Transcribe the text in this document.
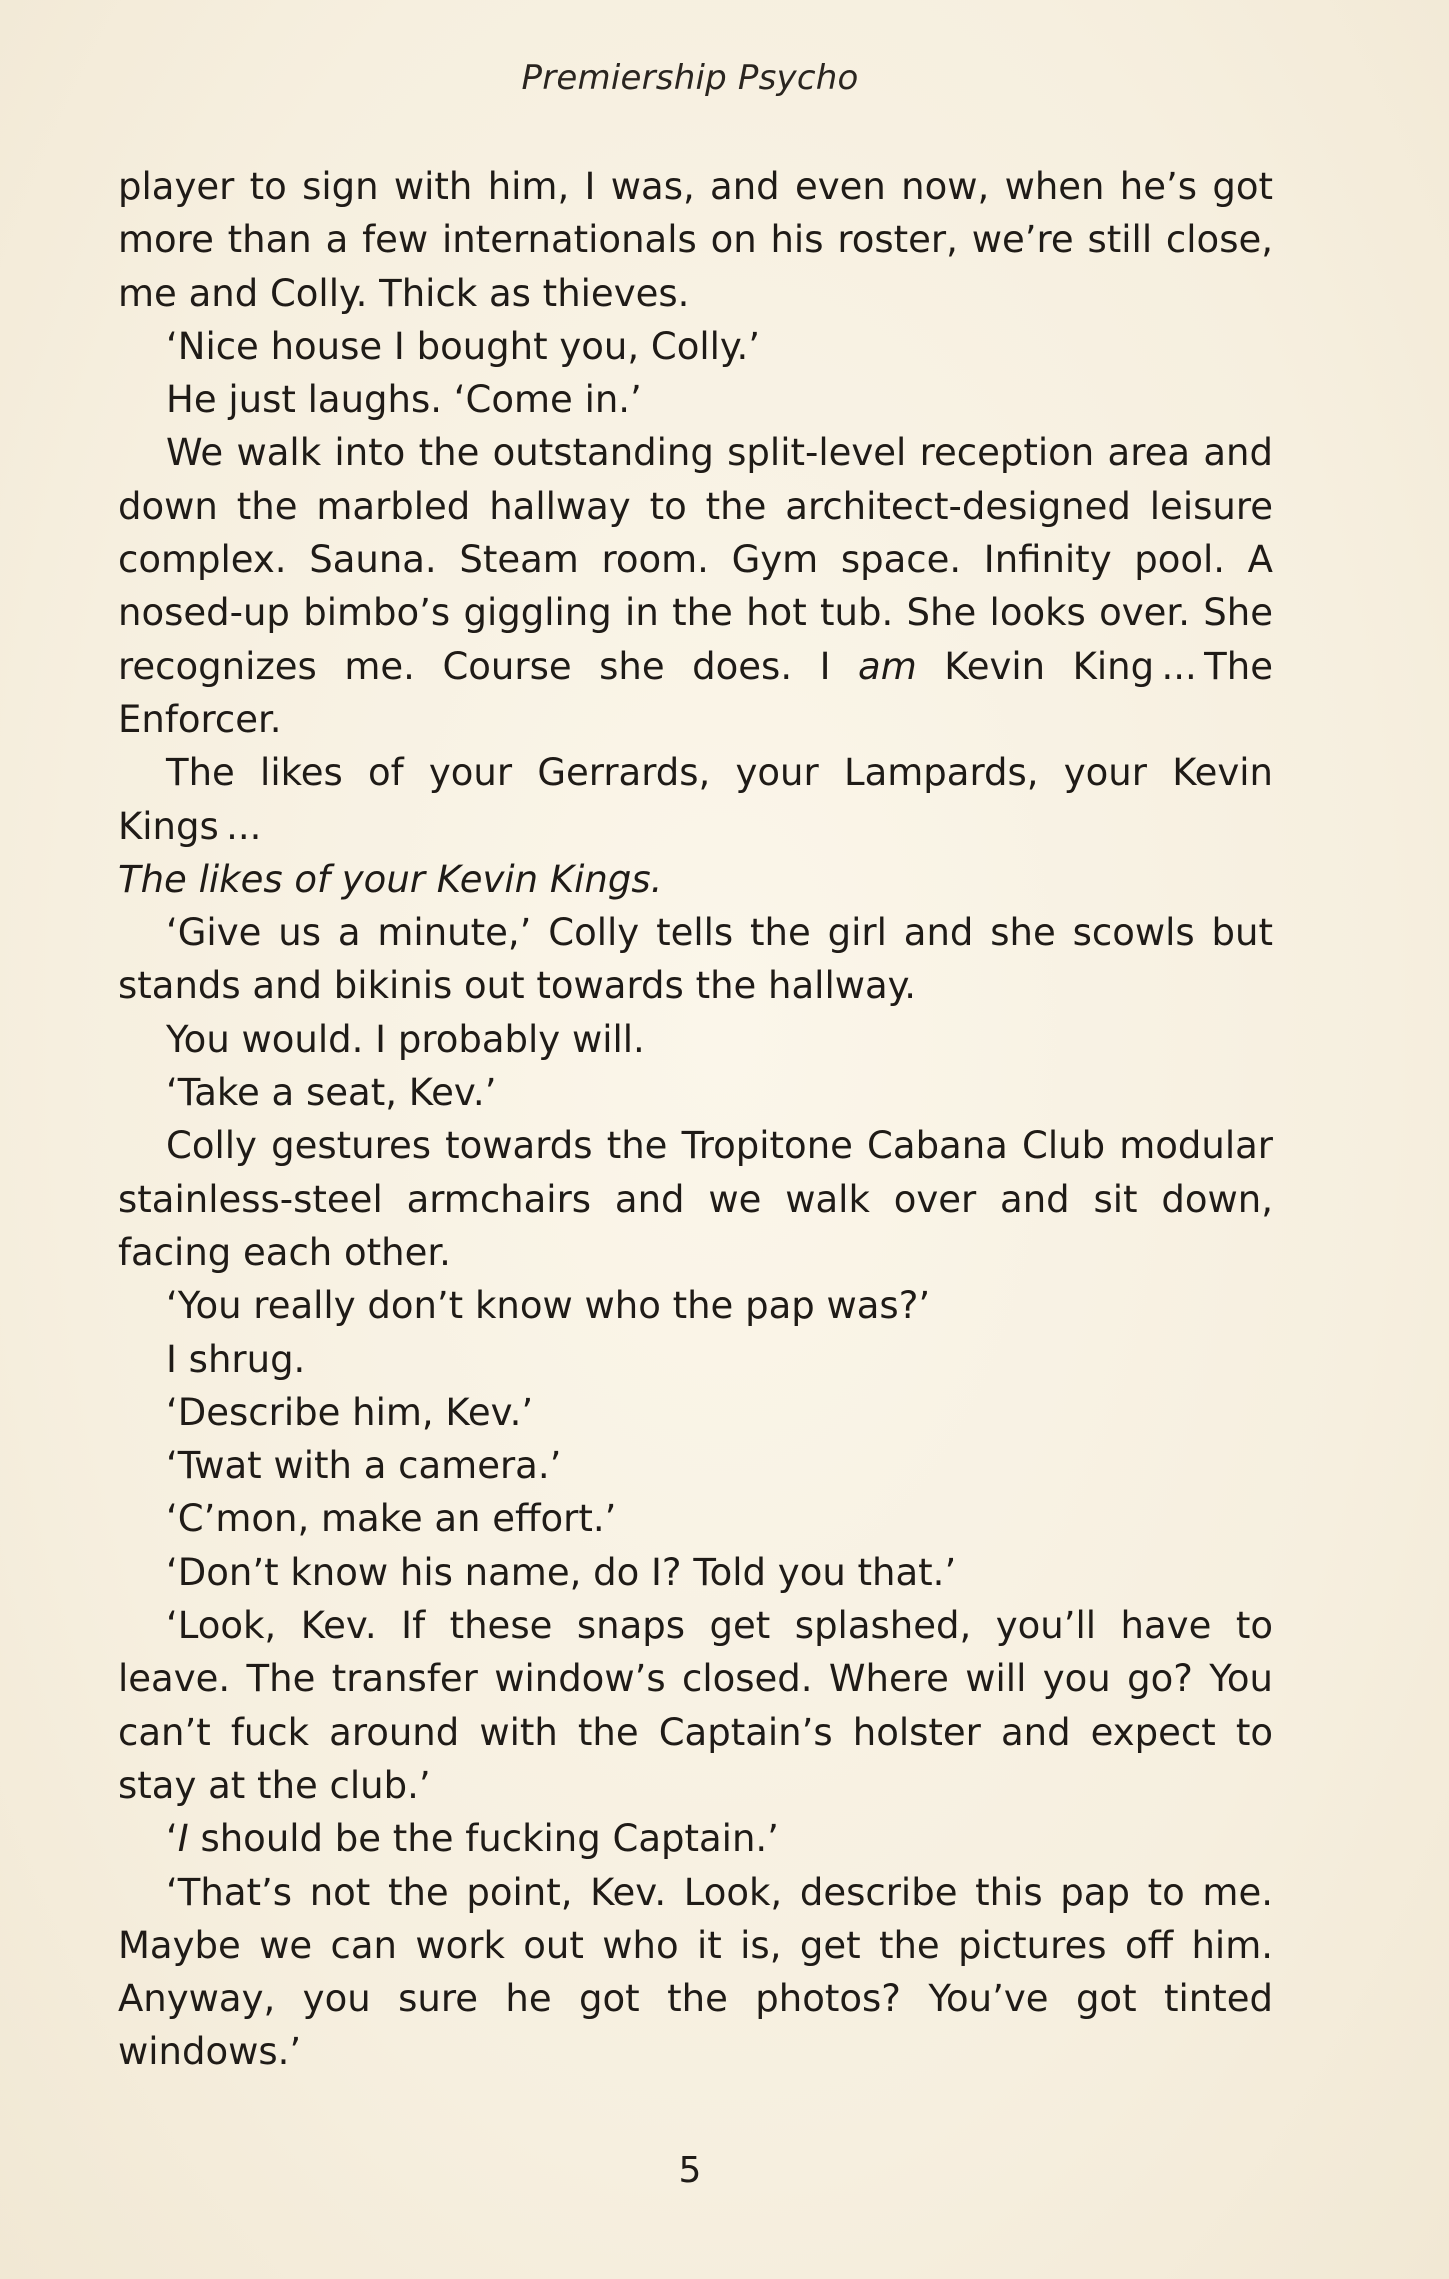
Premiership Psycho

player to sign with him, I was, and even now, when he’s got more than a few internationals on his roster, we’re still close, me and Colly. Thick as thieves.

‘Nice house I bought you, Colly.’

He just laughs. ‘Come in.’

We walk into the outstanding split-level reception area and down the marbled hallway to the architect-designed leisure complex. Sauna. Steam room. Gym space. Infinity pool. A nosed-up bimbo’s giggling in the hot tub. She looks over. She recognizes me. Course she does. I am Kevin King ... The Enforcer.

The likes of your Gerrards, your Lampards, your Kevin Kings ...

The likes of your Kevin Kings.

‘Give us a minute,’ Colly tells the girl and she scowls but stands and bikinis out towards the hallway.

You would. I probably will.

‘Take a seat, Kev.’

Colly gestures towards the Tropitone Cabana Club modular stainless-steel armchairs and we walk over and sit down, facing each other.

‘You really don’t know who the pap was?’

I shrug.

‘Describe him, Kev.’

‘Twat with a camera.’

‘C’mon, make an effort.’

‘Don’t know his name, do I? Told you that.’

‘Look, Kev. If these snaps get splashed, you’ll have to leave. The transfer window’s closed. Where will you go? You can’t fuck around with the Captain’s holster and expect to stay at the club.’

‘I should be the fucking Captain.’

‘That’s not the point, Kev. Look, describe this pap to me. Maybe we can work out who it is, get the pictures off him. Anyway, you sure he got the photos? You’ve got tinted windows.’

5
